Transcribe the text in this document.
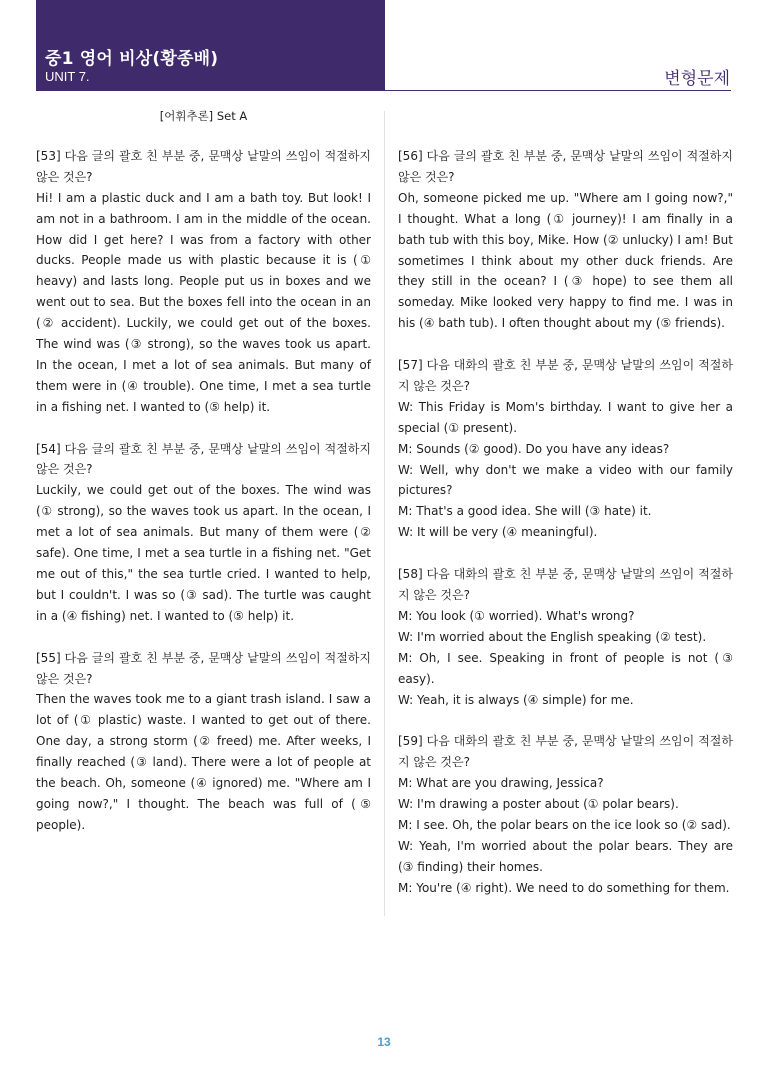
중1 영어 비상(황종배)
UNIT 7.	변형문제
[어휘추론] Set A

[53] 다음 글의 괄호 친 부분 중, 문맥상 낱말의 쓰임이 적절하지 않은 것은?

Hi! I am a plastic duck and I am a bath toy. But look! I am not in a bathroom. I am in the middle of the ocean. How did I get here? I was from a factory with other ducks. People made us with plastic because it is (① heavy) and lasts long. People put us in boxes and we went out to sea. But the boxes fell into the ocean in an (② accident). Luckily, we could get out of the boxes. The wind was (③ strong), so the waves took us apart. In the ocean, I met a lot of sea animals. But many of them were in (④ trouble). One time, I met a sea turtle in a fishing net. I wanted to (⑤ help) it.

[54] 다음 글의 괄호 친 부분 중, 문맥상 낱말의 쓰임이 적절하지 않은 것은?

Luckily, we could get out of the boxes. The wind was (① strong), so the waves took us apart. In the ocean, I met a lot of sea animals. But many of them were (② safe). One time, I met a sea turtle in a fishing net. "Get me out of this," the sea turtle cried. I wanted to help, but I couldn't. I was so (③ sad). The turtle was caught in a (④ fishing) net. I wanted to (⑤ help) it.

[55] 다음 글의 괄호 친 부분 중, 문맥상 낱말의 쓰임이 적절하지 않은 것은?

Then the waves took me to a giant trash island. I saw a lot of (① plastic) waste. I wanted to get out of there. One day, a strong storm (② freed) me. After weeks, I finally reached (③ land). There were a lot of people at the beach. Oh, someone (④ ignored) me. "Where am I going now?," I thought. The beach was full of (⑤ people).

[56] 다음 글의 괄호 친 부분 중, 문맥상 낱말의 쓰임이 적절하지 않은 것은?

Oh, someone picked me up. "Where am I going now?," I thought. What a long (① journey)! I am finally in a bath tub with this boy, Mike. How (② unlucky) I am! But sometimes I think about my other duck friends. Are they still in the ocean? I (③ hope) to see them all someday. Mike looked very happy to find me. I was in his (④ bath tub). I often thought about my (⑤ friends).

[57] 다음 대화의 괄호 친 부분 중, 문맥상 낱말의 쓰임이 적절하지 않은 것은?

W: This Friday is Mom's birthday. I want to give her a special (① present).

M: Sounds (② good). Do you have any ideas?

W: Well, why don't we make a video with our family pictures?

M: That's a good idea. She will (③ hate) it.

W: It will be very (④ meaningful).

[58] 다음 대화의 괄호 친 부분 중, 문맥상 낱말의 쓰임이 적절하지 않은 것은?

M: You look (① worried). What's wrong?

W: I'm worried about the English speaking (② test).

M: Oh, I see. Speaking in front of people is not (③ easy).

W: Yeah, it is always (④ simple) for me.

[59] 다음 대화의 괄호 친 부분 중, 문맥상 낱말의 쓰임이 적절하지 않은 것은?

M: What are you drawing, Jessica?

W: I'm drawing a poster about (① polar bears).

M: I see. Oh, the polar bears on the ice look so (② sad).

W: Yeah, I'm worried about the polar bears. They are (③ finding) their homes.

M: You're (④ right). We need to do something for them.

13
